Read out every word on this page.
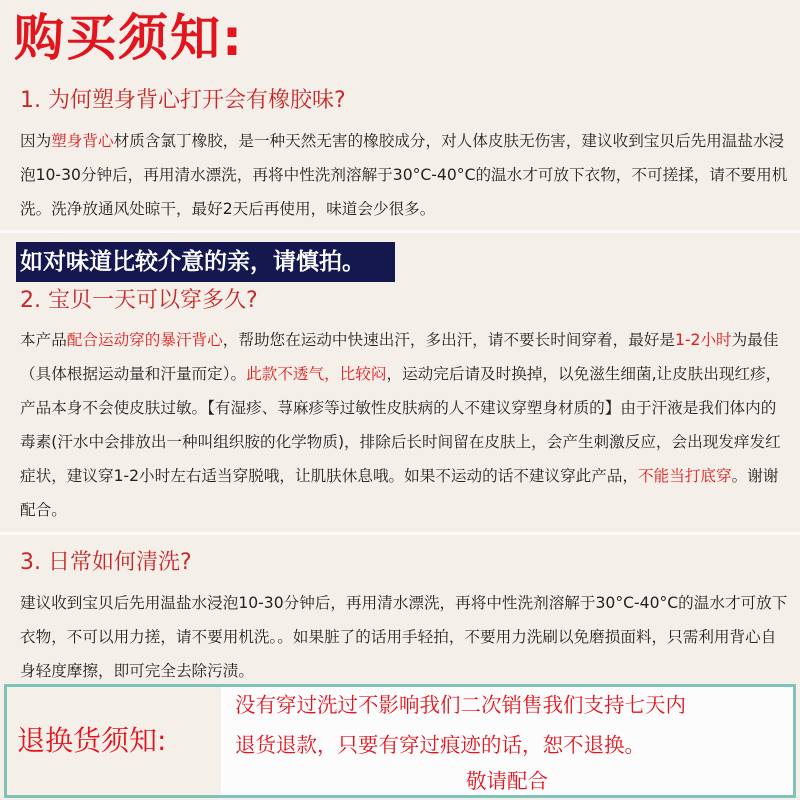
购买须知:
1. 为何塑身背心打开会有橡胶味?
因为塑身背心材质含氯丁橡胶，是一种天然无害的橡胶成分，对人体皮肤无伤害，建议收到宝贝后先用温盐水浸泡10-30分钟后，再用清水漂洗，再将中性洗剂溶解于30°C-40°C的温水才可放下衣物，不可搓揉，请不要用机洗。洗净放通风处晾干，最好2天后再使用，味道会少很多。
如对味道比较介意的亲，请慎拍。
2. 宝贝一天可以穿多久?
本产品配合运动穿的暴汗背心，帮助您在运动中快速出汗，多出汗，请不要长时间穿着，最好是1-2小时为最佳（具体根据运动量和汗量而定）。此款不透气，比较闷，运动完后请及时换掉，以免滋生细菌,让皮肤出现红疹，产品本身不会使皮肤过敏。【有湿疹、荨麻疹等过敏性皮肤病的人不建议穿塑身材质的】由于汗液是我们体内的毒素(汗水中会排放出一种叫组织胺的化学物质)，排除后长时间留在皮肤上，会产生刺激反应，会出现发痒发红症状，建议穿1-2小时左右适当穿脱哦，让肌肤休息哦。如果不运动的话不建议穿此产品，不能当打底穿。谢谢配合。
3. 日常如何清洗?
建议收到宝贝后先用温盐水浸泡10-30分钟后，再用清水漂洗，再将中性洗剂溶解于30°C-40°C的温水才可放下衣物，不可以用力搓，请不要用机洗。。如果脏了的话用手轻拍，不要用力洗刷以免磨损面料，只需利用背心自身轻度摩擦，即可完全去除污渍。
退换货须知:
没有穿过洗过不影响我们二次销售我们支持七天内
退货退款，只要有穿过痕迹的话，恕不退换。
敬请配合
